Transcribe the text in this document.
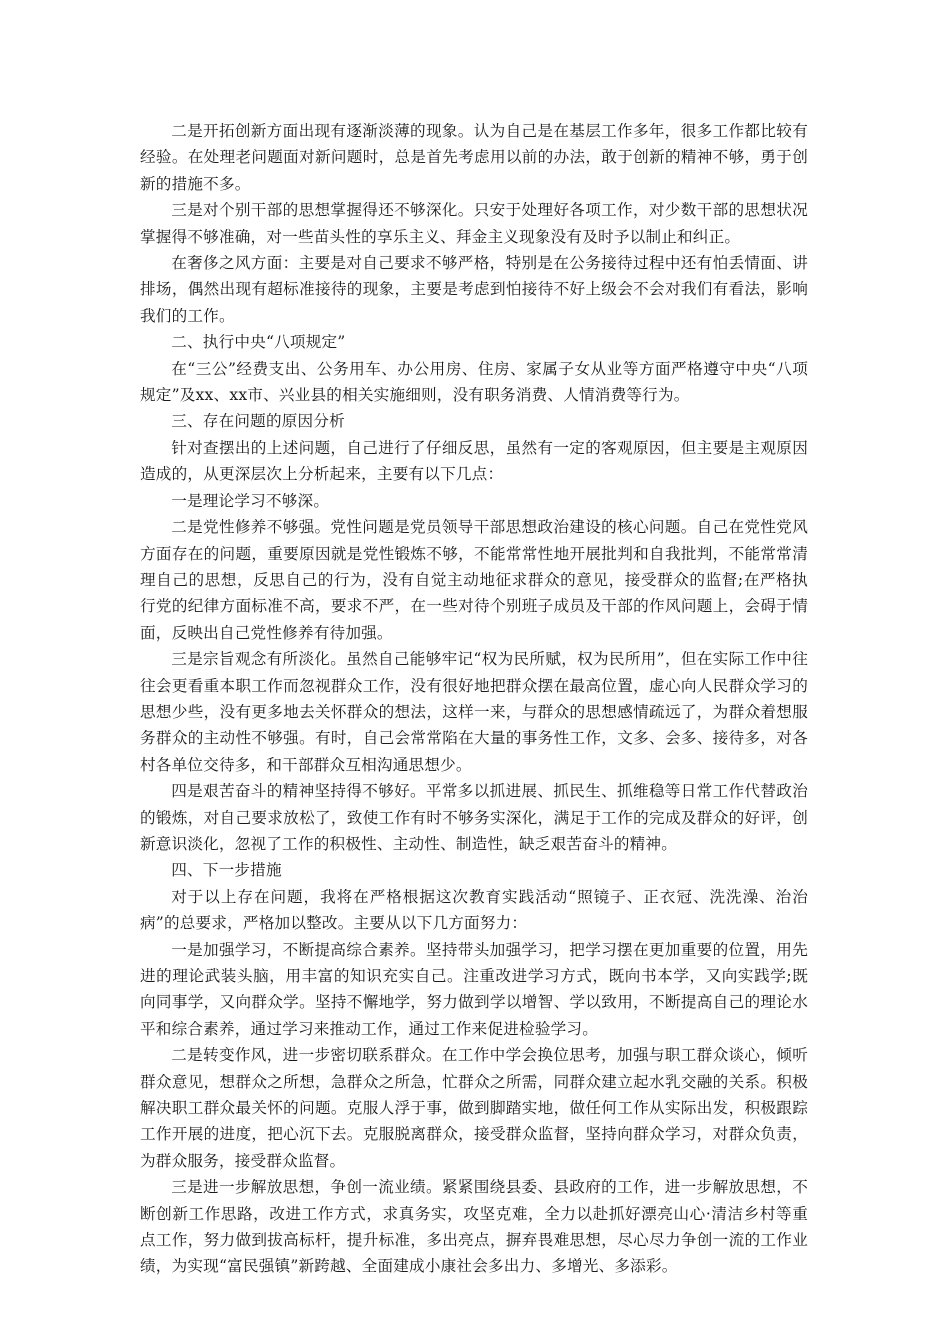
二是开拓创新方面出现有逐渐淡薄的现象。认为自己是在基层工作多年，很多工作都比较有经验。在处理老问题面对新问题时，总是首先考虑用以前的办法，敢于创新的精神不够，勇于创新的措施不多。

三是对个别干部的思想掌握得还不够深化。只安于处理好各项工作，对少数干部的思想状况掌握得不够准确，对一些苗头性的享乐主义、拜金主义现象没有及时予以制止和纠正。

在奢侈之风方面：主要是对自己要求不够严格，特别是在公务接待过程中还有怕丢情面、讲排场，偶然出现有超标准接待的现象，主要是考虑到怕接待不好上级会不会对我们有看法，影响我们的工作。

二、执行中央“八项规定”

在“三公”经费支出、公务用车、办公用房、住房、家属子女从业等方面严格遵守中央“八项规定”及xx、xx市、兴业县的相关实施细则，没有职务消费、人情消费等行为。

三、存在问题的原因分析

针对查摆出的上述问题，自己进行了仔细反思，虽然有一定的客观原因，但主要是主观原因造成的，从更深层次上分析起来，主要有以下几点：

一是理论学习不够深。

二是党性修养不够强。党性问题是党员领导干部思想政治建设的核心问题。自己在党性党风方面存在的问题，重要原因就是党性锻炼不够，不能常常性地开展批判和自我批判，不能常常清理自己的思想，反思自己的行为，没有自觉主动地征求群众的意见，接受群众的监督;在严格执行党的纪律方面标准不高，要求不严，在一些对待个别班子成员及干部的作风问题上，会碍于情面，反映出自己党性修养有待加强。

三是宗旨观念有所淡化。虽然自己能够牢记“权为民所赋，权为民所用”，但在实际工作中往往会更看重本职工作而忽视群众工作，没有很好地把群众摆在最高位置，虚心向人民群众学习的思想少些，没有更多地去关怀群众的想法，这样一来，与群众的思想感情疏远了，为群众着想服务群众的主动性不够强。有时，自己会常常陷在大量的事务性工作，文多、会多、接待多，对各村各单位交待多，和干部群众互相沟通思想少。

四是艰苦奋斗的精神坚持得不够好。平常多以抓进展、抓民生、抓维稳等日常工作代替政治的锻炼，对自己要求放松了，致使工作有时不够务实深化，满足于工作的完成及群众的好评，创新意识淡化，忽视了工作的积极性、主动性、制造性，缺乏艰苦奋斗的精神。

四、下一步措施

对于以上存在问题，我将在严格根据这次教育实践活动“照镜子、正衣冠、洗洗澡、治治病”的总要求，严格加以整改。主要从以下几方面努力：

一是加强学习，不断提高综合素养。坚持带头加强学习，把学习摆在更加重要的位置，用先进的理论武装头脑，用丰富的知识充实自己。注重改进学习方式，既向书本学，又向实践学;既向同事学，又向群众学。坚持不懈地学，努力做到学以增智、学以致用，不断提高自己的理论水平和综合素养，通过学习来推动工作，通过工作来促进检验学习。

二是转变作风，进一步密切联系群众。在工作中学会换位思考，加强与职工群众谈心，倾听群众意见，想群众之所想，急群众之所急，忙群众之所需，同群众建立起水乳交融的关系。积极解决职工群众最关怀的问题。克服人浮于事，做到脚踏实地，做任何工作从实际出发，积极跟踪工作开展的进度，把心沉下去。克服脱离群众，接受群众监督，坚持向群众学习，对群众负责，为群众服务，接受群众监督。

三是进一步解放思想，争创一流业绩。紧紧围绕县委、县政府的工作，进一步解放思想，不断创新工作思路，改进工作方式，求真务实，攻坚克难，全力以赴抓好漂亮山心·清洁乡村等重点工作，努力做到拔高标杆，提升标准，多出亮点，摒弃畏难思想，尽心尽力争创一流的工作业绩，为实现“富民强镇”新跨越、全面建成小康社会多出力、多增光、多添彩。
